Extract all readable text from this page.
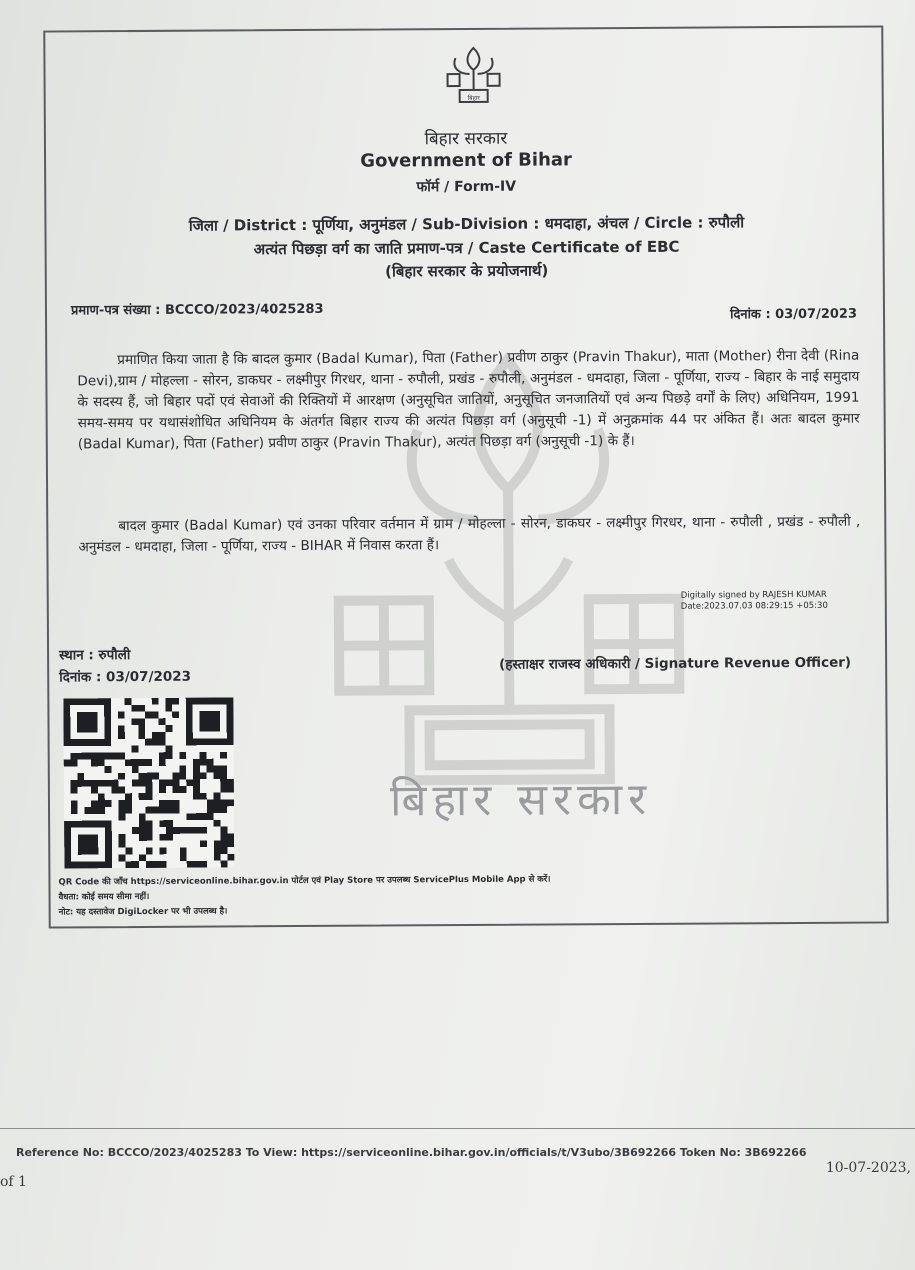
बिहार सरकार
बिहार
बिहार सरकार
Government of Bihar
फॉर्म / Form-IV
जिला / District : पूर्णिया, अनुमंडल / Sub-Division : धमदाहा, अंचल / Circle : रुपौली
अत्यंत पिछड़ा वर्ग का जाति प्रमाण-पत्र / Caste Certificate of EBC
(बिहार सरकार के प्रयोजनार्थ)
प्रमाण-पत्र संख्या : BCCCO/2023/4025283	दिनांक : 03/07/2023
प्रमाणित किया जाता है कि बादल कुमार (Badal Kumar), पिता (Father) प्रवीण ठाकुर (Pravin Thakur), माता (Mother) रीना देवी (Rina Devi),ग्राम / मोहल्ला - सोरन, डाकघर - लक्ष्मीपुर गिरधर, थाना - रुपौली, प्रखंड - रुपौली, अनुमंडल - धमदाहा, जिला - पूर्णिया, राज्य - बिहार के नाई समुदाय के सदस्य हैं, जो बिहार पदों एवं सेवाओं की रिक्तियों में आरक्षण (अनुसूचित जातियों, अनुसूचित जनजातियों एवं अन्य पिछड़े वर्गों के लिए) अधिनियम, 1991 समय-समय पर यथासंशोधित अधिनियम के अंतर्गत बिहार राज्य की अत्यंत पिछड़ा वर्ग (अनुसूची -1) में अनुक्रमांक 44 पर अंकित हैं। अतः बादल कुमार (Badal Kumar), पिता (Father) प्रवीण ठाकुर (Pravin Thakur), अत्यंत पिछड़ा वर्ग (अनुसूची -1) के हैं।
बादल कुमार (Badal Kumar) एवं उनका परिवार वर्तमान में ग्राम / मोहल्ला - सोरन, डाकघर - लक्ष्मीपुर गिरधर, थाना - रुपौली , प्रखंड - रुपौली , अनुमंडल - धमदाहा, जिला - पूर्णिया, राज्य - BIHAR में निवास करता हैं।
Digitally signed by RAJESH KUMAR
Date:2023.07.03 08:29:15 +05:30
स्थान : रुपौली
दिनांक : 03/07/2023
(हस्ताक्षर राजस्व अधिकारी / Signature Revenue Officer)
QR Code की जाँच https://serviceonline.bihar.gov.in पोर्टल एवं Play Store पर उपलब्ध ServicePlus Mobile App से करें।
वैधता: कोई समय सीमा नहीं।
नोट: यह दस्तावेज DigiLocker पर भी उपलब्ध है।
Reference No: BCCCO/2023/4025283 To View: https://serviceonline.bihar.gov.in/officials/t/V3ubo/3B692266 Token No: 3B692266
10-07-2023,
of 1
